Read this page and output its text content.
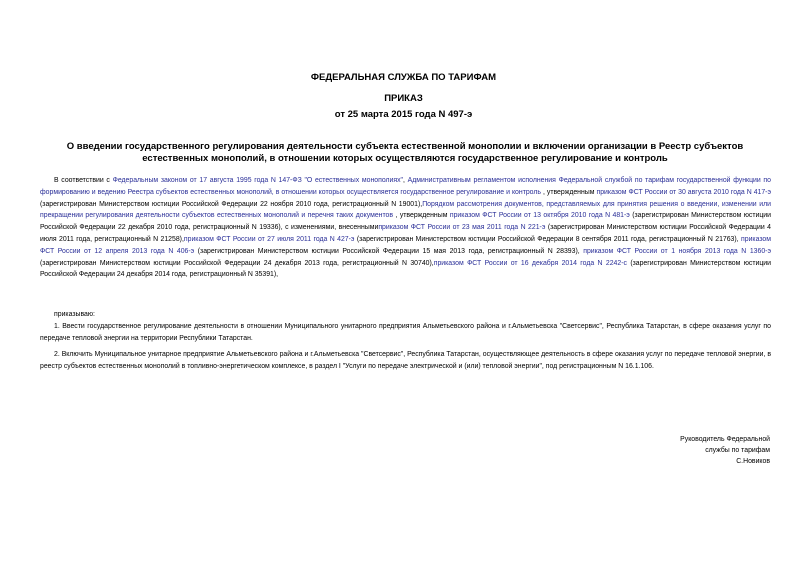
ФЕДЕРАЛЬНАЯ СЛУЖБА ПО ТАРИФАМ
ПРИКАЗ
от 25 марта 2015 года N 497-э
О введении государственного регулирования деятельности субъекта естественной монополии и включении организации в Реестр субъектов естественных монополий, в отношении которых осуществляются государственное регулирование и контроль

В соответствии с Федеральным законом от 17 августа 1995 года N 147-ФЗ "О естественных монополиях", Административным регламентом исполнения Федеральной службой по тарифам государственной функции по формированию и ведению Реестра субъектов естественных монополий, в отношении которых осуществляется государственное регулирование и контроль , утвержденным приказом ФСТ России от 30 августа 2010 года N 417-э (зарегистрирован Министерством юстиции Российской Федерации 22 ноября 2010 года, регистрационный N 19001),Порядком рассмотрения документов, представляемых для принятия решения о введении, изменении или прекращении регулирования деятельности субъектов естественных монополий и перечня таких документов , утвержденным приказом ФСТ России от 13 октября 2010 года N 481-э (зарегистрирован Министерством юстиции Российской Федерации 22 декабря 2010 года, регистрационный N 19336), с изменениями, внесеннымиприказом ФСТ России от 23 мая 2011 года N 221-э (зарегистрирован Министерством юстиции Российской Федерации 4 июля 2011 года, регистрационный N 21258),приказом ФСТ России от 27 июля 2011 года N 427-э (зарегистрирован Министерством юстиции Российской Федерации 8 сентября 2011 года, регистрационный N 21763), приказом ФСТ России от 12 апреля 2013 года N 406-э (зарегистрирован Министерством юстиции Российской Федерации 15 мая 2013 года, регистрационный N 28393), приказом ФСТ России от 1 ноября 2013 года N 1360-э (зарегистрирован Министерством юстиции Российской Федерации 24 декабря 2013 года, регистрационный N 30740),приказом ФСТ России от 16 декабря 2014 года N 2242-с (зарегистрирован Министерством юстиции Российской Федерации 24 декабря 2014 года, регистрационный N 35391),

приказываю:

1. Ввести государственное регулирование деятельности в отношении Муниципального унитарного предприятия Альметьевского района и г.Альметьевска "Светсервис", Республика Татарстан, в сфере оказания услуг по передаче тепловой энергии на территории Республики Татарстан.

2. Включить Муниципальное унитарное предприятие Альметьевского района и г.Альметьевска "Светсервис", Республика Татарстан, осуществляющее деятельность в сфере оказания услуг по передаче тепловой энергии, в реестр субъектов естественных монополий в топливно-энергетическом комплексе, в раздел I "Услуги по передаче электрической и (или) тепловой энергии", под регистрационным N 16.1.106.

Руководитель Федеральной
службы по тарифам
С.Новиков
